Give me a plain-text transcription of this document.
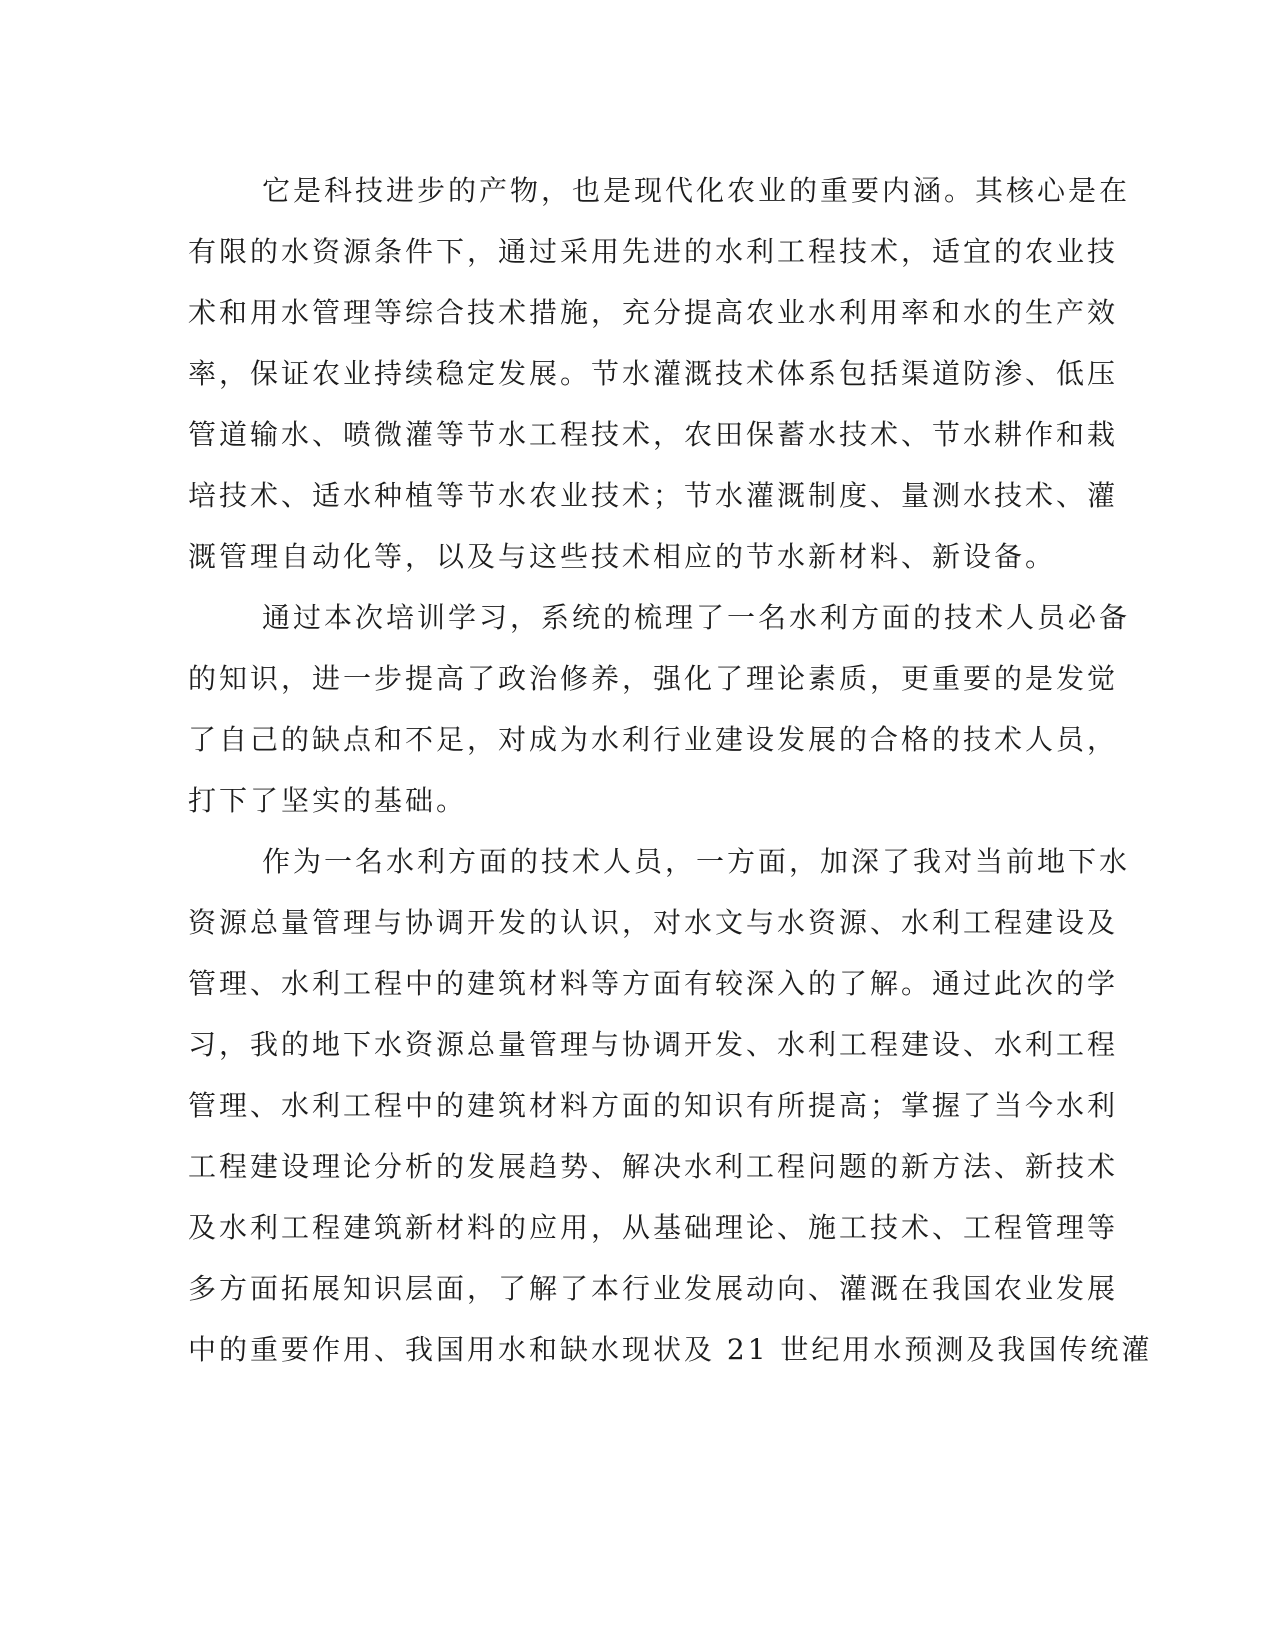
它是科技进步的产物，也是现代化农业的重要内涵。其核心是在
有限的水资源条件下，通过采用先进的水利工程技术，适宜的农业技
术和用水管理等综合技术措施，充分提高农业水利用率和水的生产效
率，保证农业持续稳定发展。节水灌溉技术体系包括渠道防渗、低压
管道输水、喷微灌等节水工程技术，农田保蓄水技术、节水耕作和栽
培技术、适水种植等节水农业技术；节水灌溉制度、量测水技术、灌
溉管理自动化等，以及与这些技术相应的节水新材料、新设备。

通过本次培训学习，系统的梳理了一名水利方面的技术人员必备
的知识，进一步提高了政治修养，强化了理论素质，更重要的是发觉
了自己的缺点和不足，对成为水利行业建设发展的合格的技术人员，
打下了坚实的基础。

作为一名水利方面的技术人员，一方面，加深了我对当前地下水
资源总量管理与协调开发的认识，对水文与水资源、水利工程建设及
管理、水利工程中的建筑材料等方面有较深入的了解。通过此次的学
习，我的地下水资源总量管理与协调开发、水利工程建设、水利工程
管理、水利工程中的建筑材料方面的知识有所提高；掌握了当今水利
工程建设理论分析的发展趋势、解决水利工程问题的新方法、新技术
及水利工程建筑新材料的应用，从基础理论、施工技术、工程管理等
多方面拓展知识层面，了解了本行业发展动向、灌溉在我国农业发展
中的重要作用、我国用水和缺水现状及 21 世纪用水预测及我国传统灌
